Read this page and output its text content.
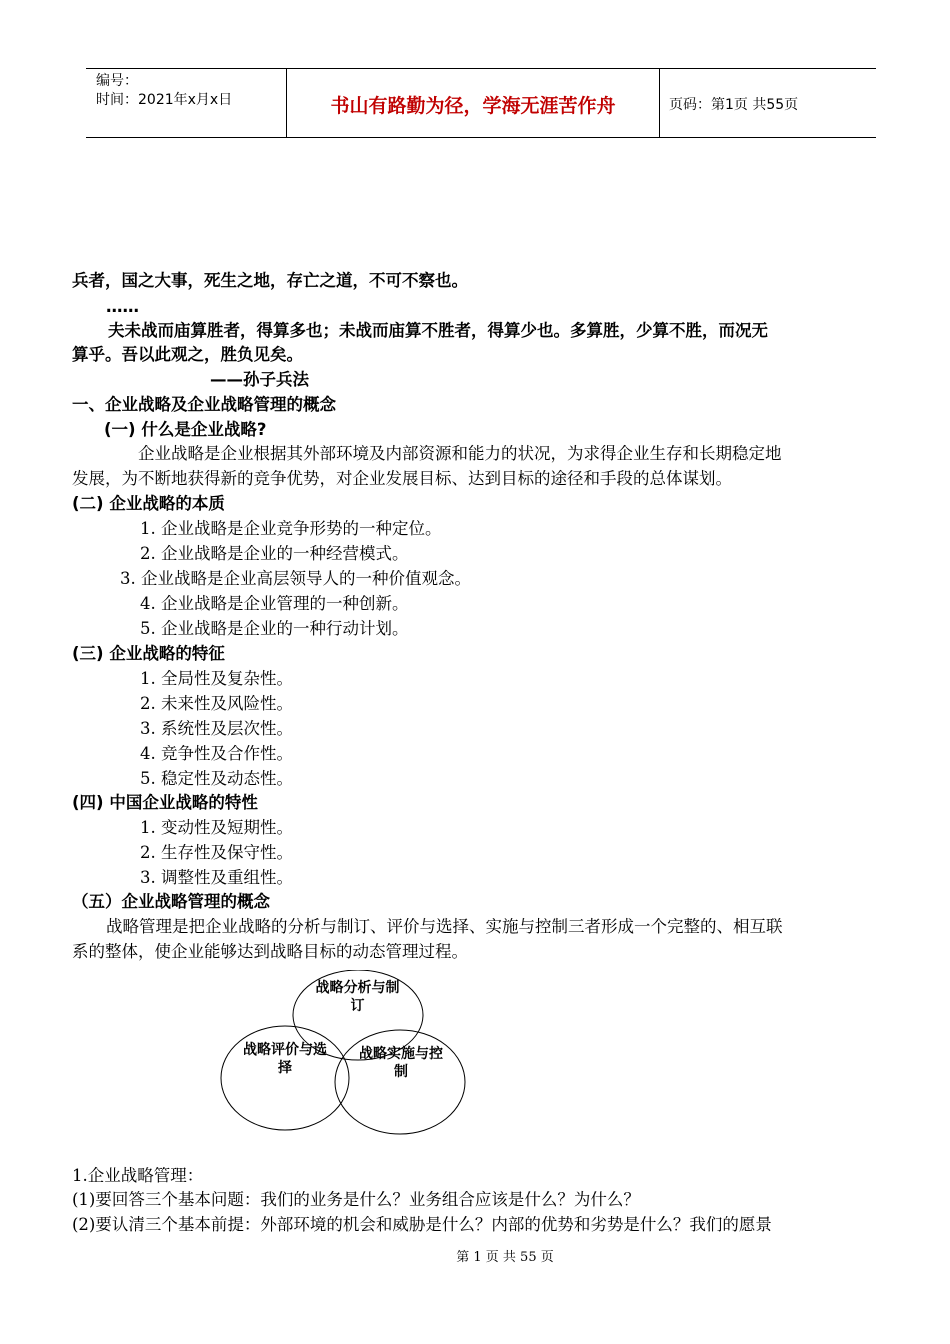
编号：
时间：2021年x月x日	书山有路勤为径，学海无涯苦作舟	页码：第1页 共55页
兵者，国之大事，死生之地，存亡之道，不可不察也。
……
夫未战而庙算胜者，得算多也；未战而庙算不胜者，得算少也。多算胜，少算不胜，而况无
算乎。吾以此观之，胜负见矣。
——孙子兵法
一、企业战略及企业战略管理的概念
(一) 什么是企业战略?
企业战略是企业根据其外部环境及内部资源和能力的状况，为求得企业生存和长期稳定地
发展，为不断地获得新的竞争优势，对企业发展目标、达到目标的途径和手段的总体谋划。
(二) 企业战略的本质
1. 企业战略是企业竞争形势的一种定位。
2. 企业战略是企业的一种经营模式。
3. 企业战略是企业高层领导人的一种价值观念。
4. 企业战略是企业管理的一种创新。
5. 企业战略是企业的一种行动计划。
(三) 企业战略的特征
1. 全局性及复杂性。
2. 未来性及风险性。
3. 系统性及层次性。
4. 竞争性及合作性。
5. 稳定性及动态性。
(四) 中国企业战略的特性
1. 变动性及短期性。
2. 生存性及保守性。
3. 调整性及重组性。
（五）企业战略管理的概念
战略管理是把企业战略的分析与制订、评价与选择、实施与控制三者形成一个完整的、相互联
系的整体，使企业能够达到战略目标的动态管理过程。
战略分析与制
订
战略评价与选
择
战略实施与控
制
1.企业战略管理：
(1)要回答三个基本问题：我们的业务是什么？业务组合应该是什么？为什么？
(2)要认清三个基本前提：外部环境的机会和威胁是什么？内部的优势和劣势是什么？我们的愿景
第 1 页 共 55 页
